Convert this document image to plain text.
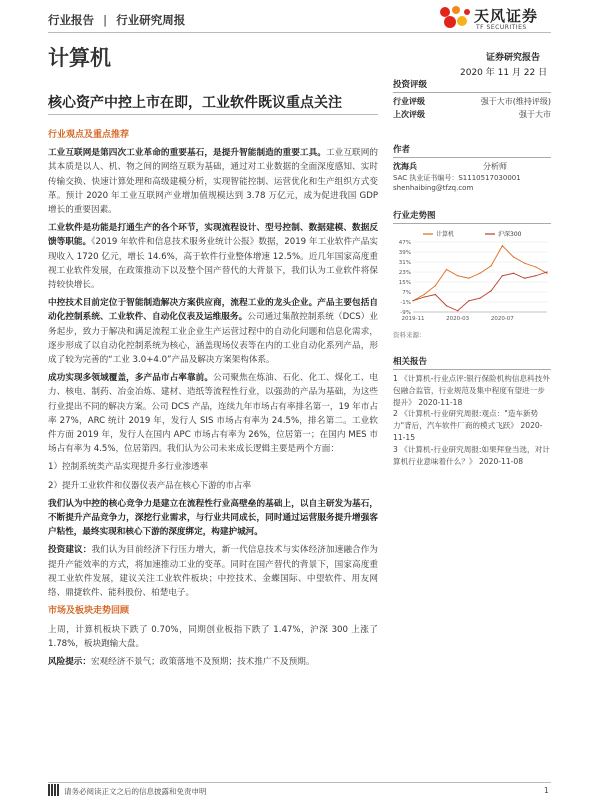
行业报告 | 行业研究周报	天风证券
TF SECURITIES
计算机	证券研究报告
2020 年 11 月 22 日
核心资产中控上市在即，工业软件既议重点关注
行业观点及重点推荐
工业互联网是第四次工业革命的重要基石，是提升智能制造的重要工具。工业互联网的其本质是以人、机、物之间的网络互联为基础，通过对工业数据的全面深度感知、实时传输交换、快速计算处理和高级建模分析，实现智能控制、运营优化和生产组织方式变革。预计 2020 年工业互联网产业增加值规模达到 3.78 万亿元，成为促进我国 GDP 增长的重要因素。
工业软件是功能是打通生产的各个环节，实现流程设计、型号控制、数据建模、数据反馈等职能。《2019 年软件和信息技术服务业统计公报》数据，2019 年工业软件产品实现收入 1720 亿元，增长 14.6%，高于软件行业整体增速 12.5%。近几年国家高度重视工业软件发展，在政策推动下以及整个国产替代的大背景下，我们认为工业软件将保持较快增长。
中控技术目前定位于智能制造解决方案供应商，流程工业的龙头企业。产品主要包括自动化控制系统、工业软件、自动化仪表及运维服务。公司通过集散控制系统（DCS）业务起步，致力于解决和满足流程工业企业生产运营过程中的自动化问题和信息化需求，逐步形成了以自动化控制系统为核心，涵盖现场仪表等在内的工业自动化系列产品，形成了较为完善的“工业 3.0+4.0”产品及解决方案架构体系。
成功实现多领域覆盖，多产品市占率靠前。公司聚焦在炼油、石化、化工、煤化工、电力、核电、制药、冶金冶炼、建材、造纸等流程性行业，以强劲的产品为基础，为这些行业提出不同的解决方案。公司 DCS 产品，连续九年市场占有率排名第一，19 年市占率 27%，ARC 统计 2019 年，发行人 SIS 市场占有率为 24.5%，排名第二。工业软件方面 2019 年，发行人在国内 APC 市场占有率为 26%，位居第一；在国内 MES 市场占有率为 4.5%，位居第四。我们认为公司未来成长逻辑主要是两个方面：
1）控制系统类产品实现提升多行业渗透率
2）提升工业软件和仪器仪表产品在核心下游的市占率
我们认为中控的核心竞争力是建立在流程性行业高壁垒的基础上，以自主研发为基石，不断提升产品竞争力，深挖行业需求，与行业共同成长，同时通过运营服务提升增强客户粘性，最终实现和核心下游的深度绑定，构建护城河。
投资建议：我们认为目前经济下行压力增大，新一代信息技术与实体经济加速融合作为提升产能效率的方式，将加速推动工业的变革。同时在国产替代的背景下，国家高度重视工业软件发展，建议关注工业软件板块；中控技术、金蝶国际、中望软件、用友网络、鼎捷软件、能科股份、柏楚电子。
市场及板块走势回顾
上周，计算机板块下跌了 0.70%，同期创业板指下跌了 1.47%，沪深 300 上涨了 1.78%，板块跑输大盘。
风险提示：宏观经济不景气；政策落地不及预期；技术推广不及预期。
投资评级
行业评级	强于大市(维持评级)
上次评级	强于大市
作者
沈海兵	分析师
SAC 执业证书编号：S1110517030001
shenhaibing@tfzq.com
行业走势图
47%
39%
31%
23%
15%
7%
-1%
-9%
2019-11	2020-03	2020-07
计算机	沪深300
资料来源：
相关报告
1 《计算机-行业点评:银行保险机构信息科技外包融合监管，行业规范及集中程度有望进一步提升》 2020-11-18
2 《计算机-行业研究周报:观点："造车新势力"背后，汽车软件厂商的模式飞跃》 2020-11-15
3 《计算机-行业研究周报:如果拜登当选，对计算机行业意味着什么？》 2020-11-08
请务必阅读正文之后的信息披露和免责申明	1
